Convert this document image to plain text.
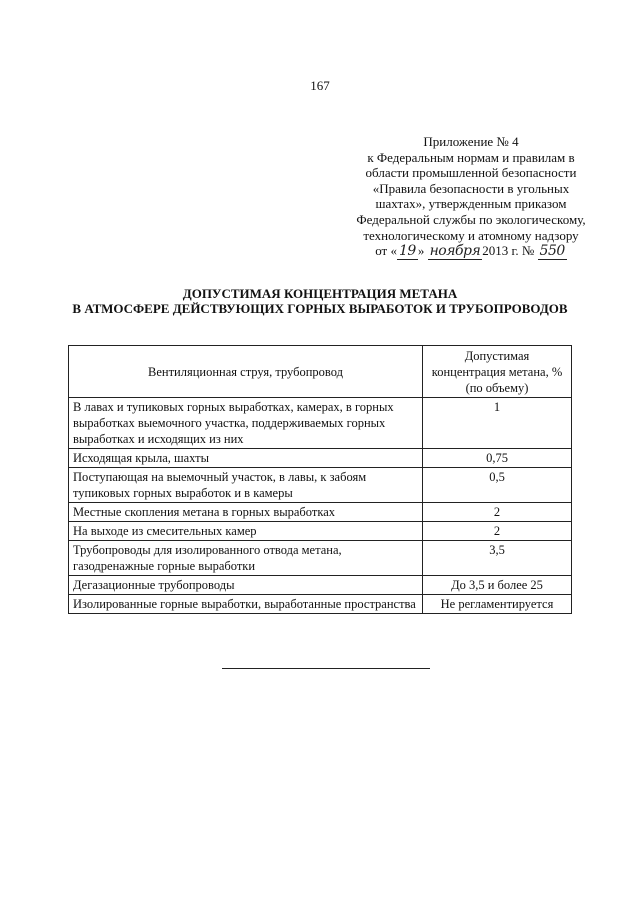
167
Приложение № 4
к Федеральным нормам и правилам в
области промышленной безопасности
«Правила безопасности в угольных
шахтах», утвержденным приказом
Федеральной службы по экологическому,
технологическому и атомному надзору
от « 19 » ноября 2013 г. № 550
ДОПУСТИМАЯ КОНЦЕНТРАЦИЯ МЕТАНА
В АТМОСФЕРЕ ДЕЙСТВУЮЩИХ ГОРНЫХ ВЫРАБОТОК И ТРУБОПРОВОДОВ
Вентиляционная струя, трубопровод	Допустимая концентрация метана, % (по объему)
В лавах и тупиковых горных выработках, камерах, в горных выработках выемочного участка, поддерживаемых горных выработках и исходящих из них	1
Исходящая крыла, шахты	0,75
Поступающая на выемочный участок, в лавы, к забоям тупиковых горных выработок и в камеры	0,5
Местные скопления метана в горных выработках	2
На выходе из смесительных камер	2
Трубопроводы для изолированного отвода метана, газодренажные горные выработки	3,5
Дегазационные трубопроводы	До 3,5 и более 25
Изолированные горные выработки, выработанные пространства	Не регламентируется
